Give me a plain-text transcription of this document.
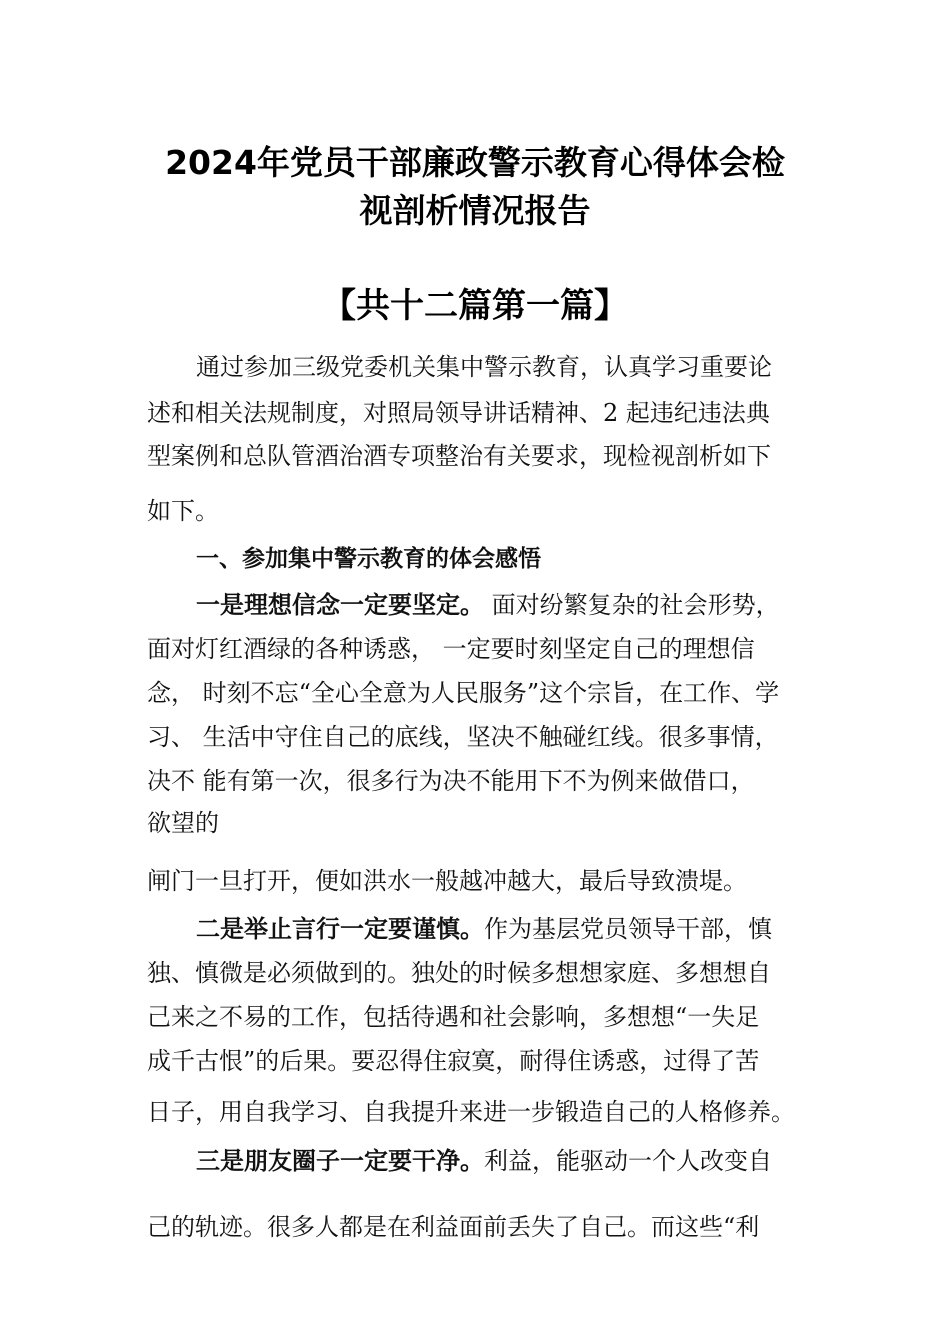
2024年党员干部廉政警示教育心得体会检
视剖析情况报告
【共十二篇第一篇】
通过参加三级党委机关集中警示教育，认真学习重要论
述和相关法规制度，对照局领导讲话精神、2 起违纪违法典
型案例和总队管酒治酒专项整治有关要求，现检视剖析如下
如下。
一、参加集中警示教育的体会感悟
一是理想信念一定要坚定。 面对纷繁复杂的社会形势，
面对灯红酒绿的各种诱惑， 一定要时刻坚定自己的理想信
念， 时刻不忘“全心全意为人民服务”这个宗旨，在工作、学
习、 生活中守住自己的底线，坚决不触碰红线。很多事情，
决不 能有第一次，很多行为决不能用下不为例来做借口，
欲望的
闸门一旦打开，便如洪水一般越冲越大，最后导致溃堤。
二是举止言行一定要谨慎。作为基层党员领导干部，慎
独、慎微是必须做到的。独处的时候多想想家庭、多想想自
己来之不易的工作，包括待遇和社会影响，多想想“一失足
成千古恨”的后果。要忍得住寂寞，耐得住诱惑，过得了苦
日子，用自我学习、自我提升来进一步锻造自己的人格修养。
三是朋友圈子一定要干净。利益，能驱动一个人改变自
己的轨迹。很多人都是在利益面前丢失了自己。而这些“利
